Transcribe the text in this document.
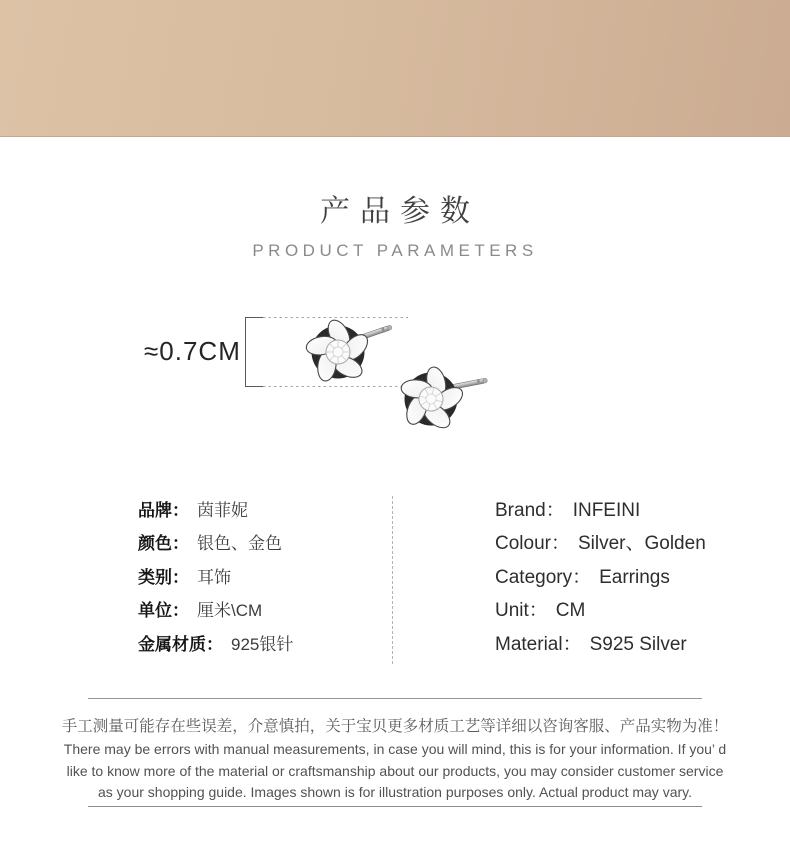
产品参数
PRODUCT PARAMETERS
≈0.7CM
品牌： 茵菲妮
颜色： 银色、金色
类别： 耳饰
单位： 厘米\CM
金属材质： 925银针
Brand： INFEINI
Colour： Silver、Golden
Category： Earrings
Unit： CM
Material： S925 Silver
手工测量可能存在些误差，介意慎拍，关于宝贝更多材质工艺等详细以咨询客服、产品实物为准！
There may be errors with manual measurements, in case you will mind, this is for your information. If you’ d
like to know more of the material or craftsmanship about our products, you may consider customer service
as your shopping guide. Images shown is for illustration purposes only. Actual product may vary.
